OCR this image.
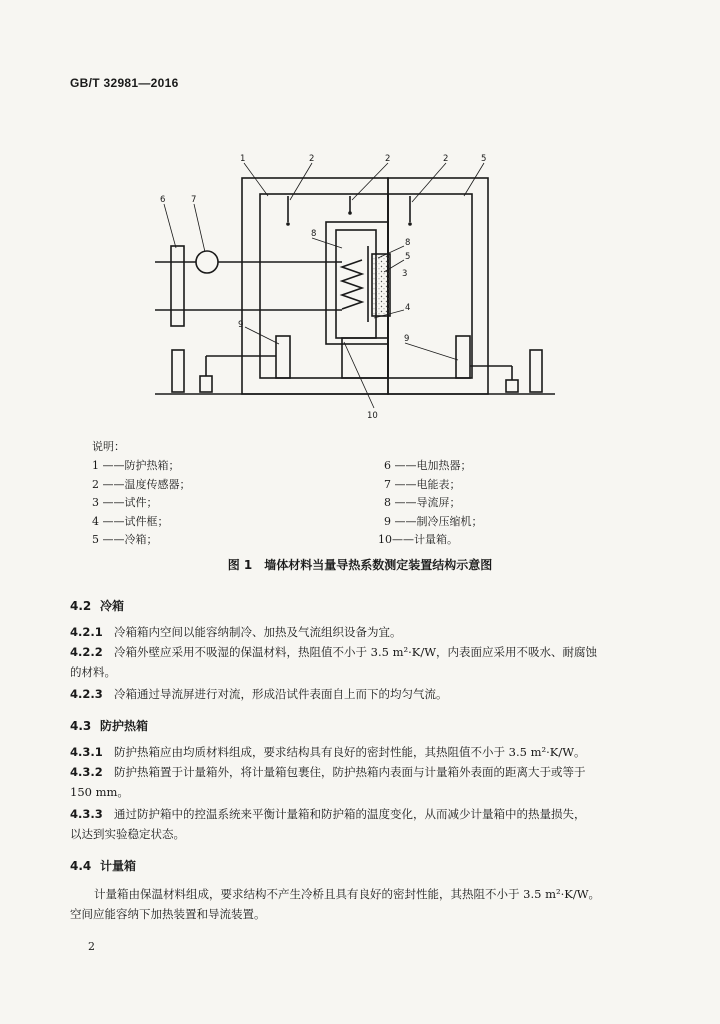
GB/T 32981—2016
1	2	2	2	5
6	7
8
8
5
3
4
9
9
10
说明：
1 ——防护热箱；
2 ——温度传感器；
3 ——试件；
4 ——试件框；
5 ——冷箱；
6 ——电加热器；
7 ——电能表；
8 ——导流屏；
9 ——制冷压缩机；
10——计量箱。
图 1　墙体材料当量导热系数测定装置结构示意图
4.2 冷箱
4.2.1 冷箱箱内空间以能容纳制冷、加热及气流组织设备为宜。
4.2.2 冷箱外壁应采用不吸湿的保温材料，热阻值不小于 3.5 m²·K/W，内表面应采用不吸水、耐腐蚀
的材料。
4.2.3 冷箱通过导流屏进行对流，形成沿试件表面自上而下的均匀气流。
4.3 防护热箱
4.3.1 防护热箱应由均质材料组成，要求结构具有良好的密封性能，其热阻值不小于 3.5 m²·K/W。
4.3.2 防护热箱置于计量箱外，将计量箱包裹住，防护热箱内表面与计量箱外表面的距离大于或等于
150 mm。
4.3.3 通过防护箱中的控温系统来平衡计量箱和防护箱的温度变化，从而减少计量箱中的热量损失，
以达到实验稳定状态。
4.4 计量箱
计量箱由保温材料组成，要求结构不产生冷桥且具有良好的密封性能，其热阻不小于 3.5 m²·K/W。
空间应能容纳下加热装置和导流装置。
2
